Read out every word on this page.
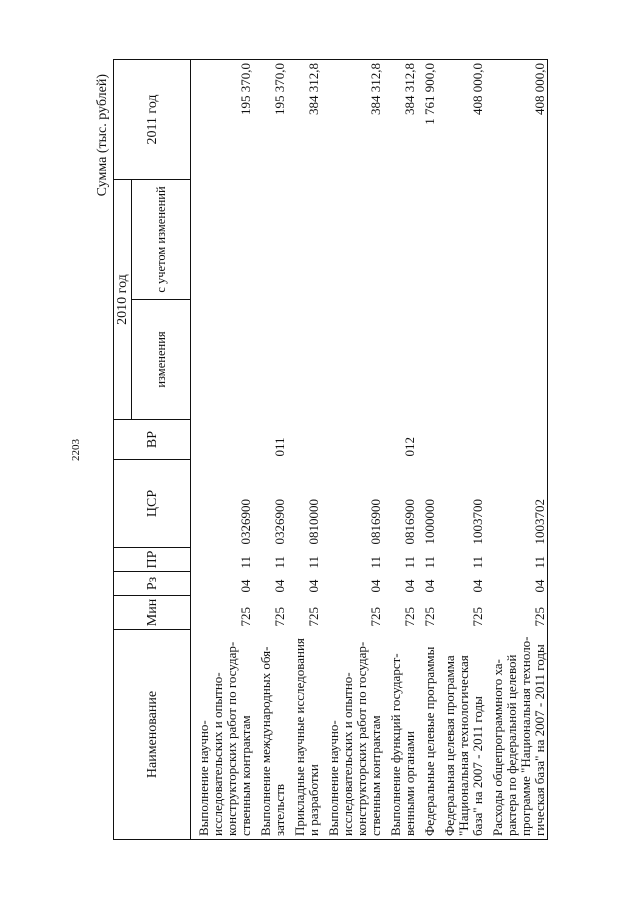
2203
Сумма (тыс. рублей)
Наименование	Мин	Рз	ПР	ЦСР	ВР	2010 год		2011 год
						изменения	с учетом изменений	
Выполнение научно-исследовательских и опытно-конструкторских работ по государ-ственным контрактам	725	04	11	0326900				195 370,0
Выполнение международных обя-зательств	725	04	11	0326900	011			195 370,0
Прикладные научные исследования и разработки	725	04	11	0810000				384 312,8
Выполнение научно-исследовательских и опытно-конструкторских работ по государ-ственным контрактам	725	04	11	0816900				384 312,8
Выполнение функций государст-венными органами	725	04	11	0816900	012			384 312,8
Федеральные целевые программы	725	04	11	1000000				1 761 900,0
Федеральная целевая программа "Национальная технологическая база" на 2007 - 2011 годы	725	04	11	1003700				408 000,0
Расходы общепрограммного ха-рактера по федеральной целевой программе "Национальная техноло-гическая база" на 2007 - 2011 годы	725	04	11	1003702				408 000,0
